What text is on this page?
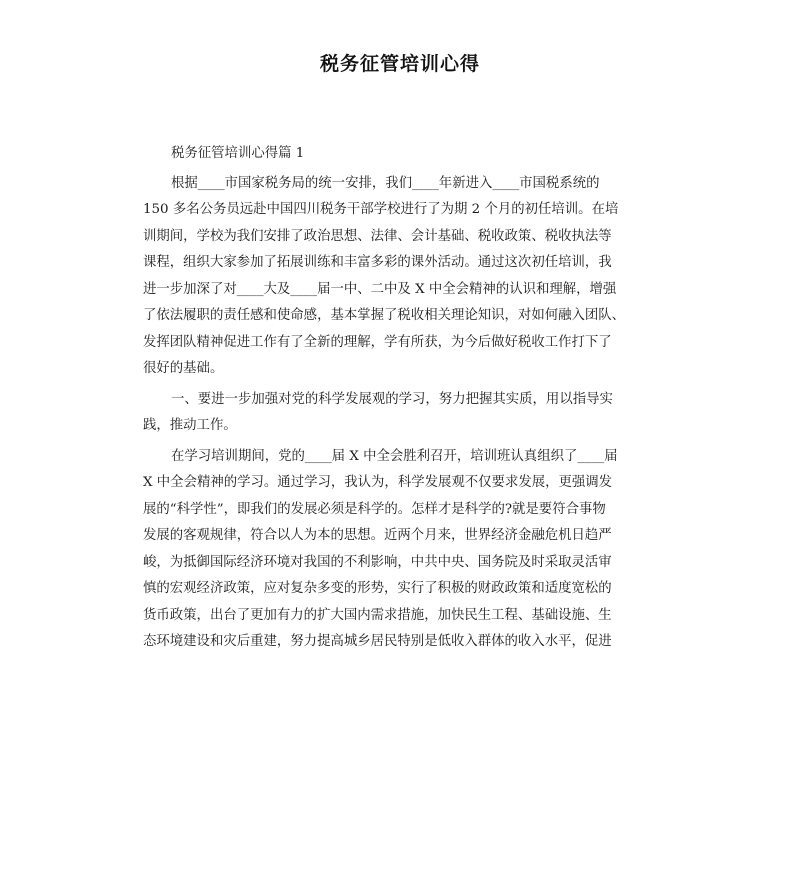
税务征管培训心得
税务征管培训心得篇 1
根据____市国家税务局的统一安排，我们____年新进入____市国税系统的
150 多名公务员远赴中国四川税务干部学校进行了为期 2 个月的初任培训。在培
训期间，学校为我们安排了政治思想、法律、会计基础、税收政策、税收执法等
课程，组织大家参加了拓展训练和丰富多彩的课外活动。通过这次初任培训，我
进一步加深了对____大及____届一中、二中及 X 中全会精神的认识和理解，增强
了依法履职的责任感和使命感，基本掌握了税收相关理论知识，对如何融入团队、
发挥团队精神促进工作有了全新的理解，学有所获，为今后做好税收工作打下了
很好的基础。
一、要进一步加强对党的科学发展观的学习，努力把握其实质，用以指导实
践，推动工作。
在学习培训期间，党的____届 X 中全会胜利召开，培训班认真组织了____届
X 中全会精神的学习。通过学习，我认为，科学发展观不仅要求发展，更强调发
展的“科学性”，即我们的发展必须是科学的。怎样才是科学的?就是要符合事物
发展的客观规律，符合以人为本的思想。近两个月来，世界经济金融危机日趋严
峻，为抵御国际经济环境对我国的不利影响，中共中央、国务院及时采取灵活审
慎的宏观经济政策，应对复杂多变的形势，实行了积极的财政政策和适度宽松的
货币政策，出台了更加有力的扩大国内需求措施，加快民生工程、基础设施、生
态环境建设和灾后重建，努力提高城乡居民特别是低收入群体的收入水平，促进
